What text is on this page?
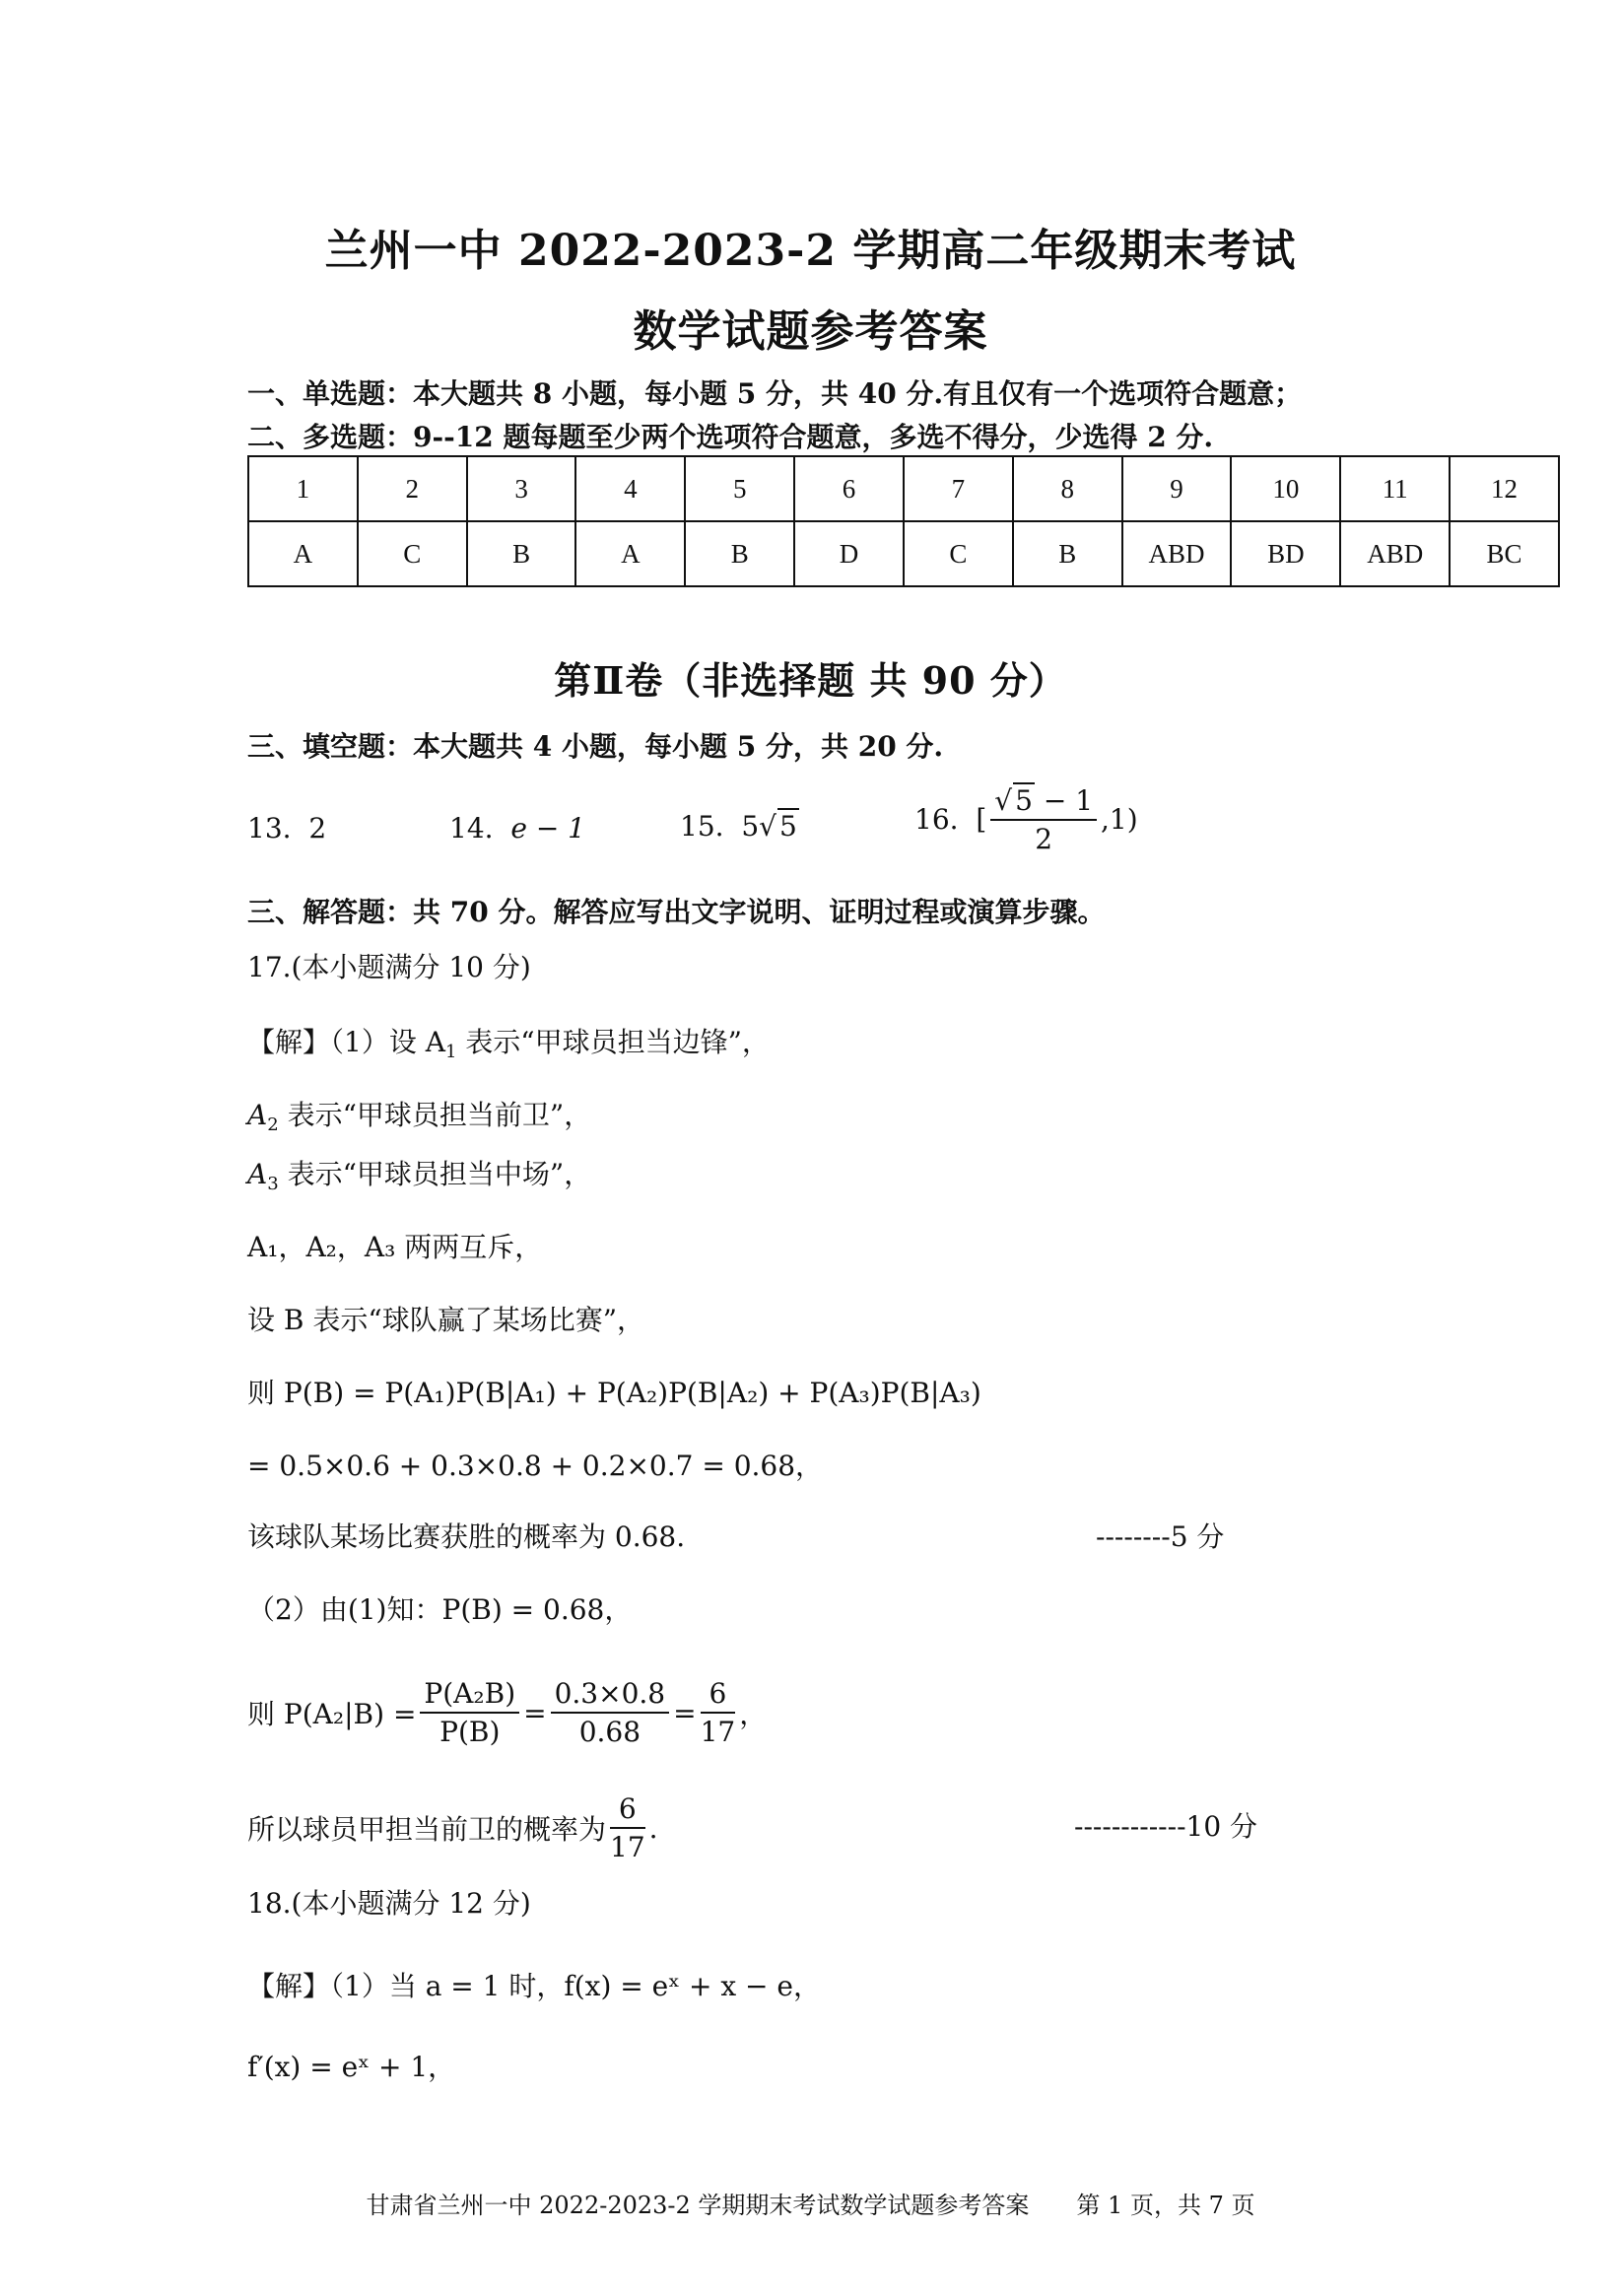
兰州一中 2022-2023-2 学期高二年级期末考试
数学试题参考答案
一、单选题：本大题共 8 小题，每小题 5 分，共 40 分.有且仅有一个选项符合题意；
二、多选题：9--12 题每题至少两个选项符合题意，多选不得分，少选得 2 分.
1	2	3	4	5	6	7	8	9	10	11	12
A	C	B	A	B	D	C	B	ABD	BD	ABD	BC
第Ⅱ卷（非选择题 共 90 分）
三、填空题：本大题共 4 小题，每小题 5 分，共 20 分.
13. 2	14. e − 1	15. 5√ 5	16. [ $\frac{√ 5 - 1}{2} ,1$)
三、解答题：共 70 分。解答应写出文字说明、证明过程或演算步骤。
17.(本小题满分 10 分)
【解】（1）设 $A_1$ 表示“甲球员担当边锋”，
$A_2$ 表示“甲球员担当前卫”，
$A_3$ 表示“甲球员担当中场”，
A₁，A₂，A₃ 两两互斥，
设 B 表示“球队赢了某场比赛”，
则 P(B) = P(A₁)P(B|A₁) + P(A₂)P(B|A₂) + P(A₃)P(B|A₃)
= 0.5×0.6 + 0.3×0.8 + 0.2×0.7 = 0.68，
该球队某场比赛获胜的概率为 0.68.	--------5 分
（2）由(1)知：P(B) = 0.68，
则 $P(A_2|B) = \frac{\text{P(A₂B)}}{P(B)} = \frac{0.3\times 0.8}{0.68} = \frac{6}{17}$ ，
所以球员甲担当前卫的概率为 $\frac{6}{17}$ .	------------10 分
18.(本小题满分 12 分)
【解】（1）当 a = 1 时，f(x) = eˣ + x − e，
f′(x) = eˣ + 1，
甘肃省兰州一中 2022-2023-2 学期期末考试数学试题参考答案　　第 1 页，共 7 页
